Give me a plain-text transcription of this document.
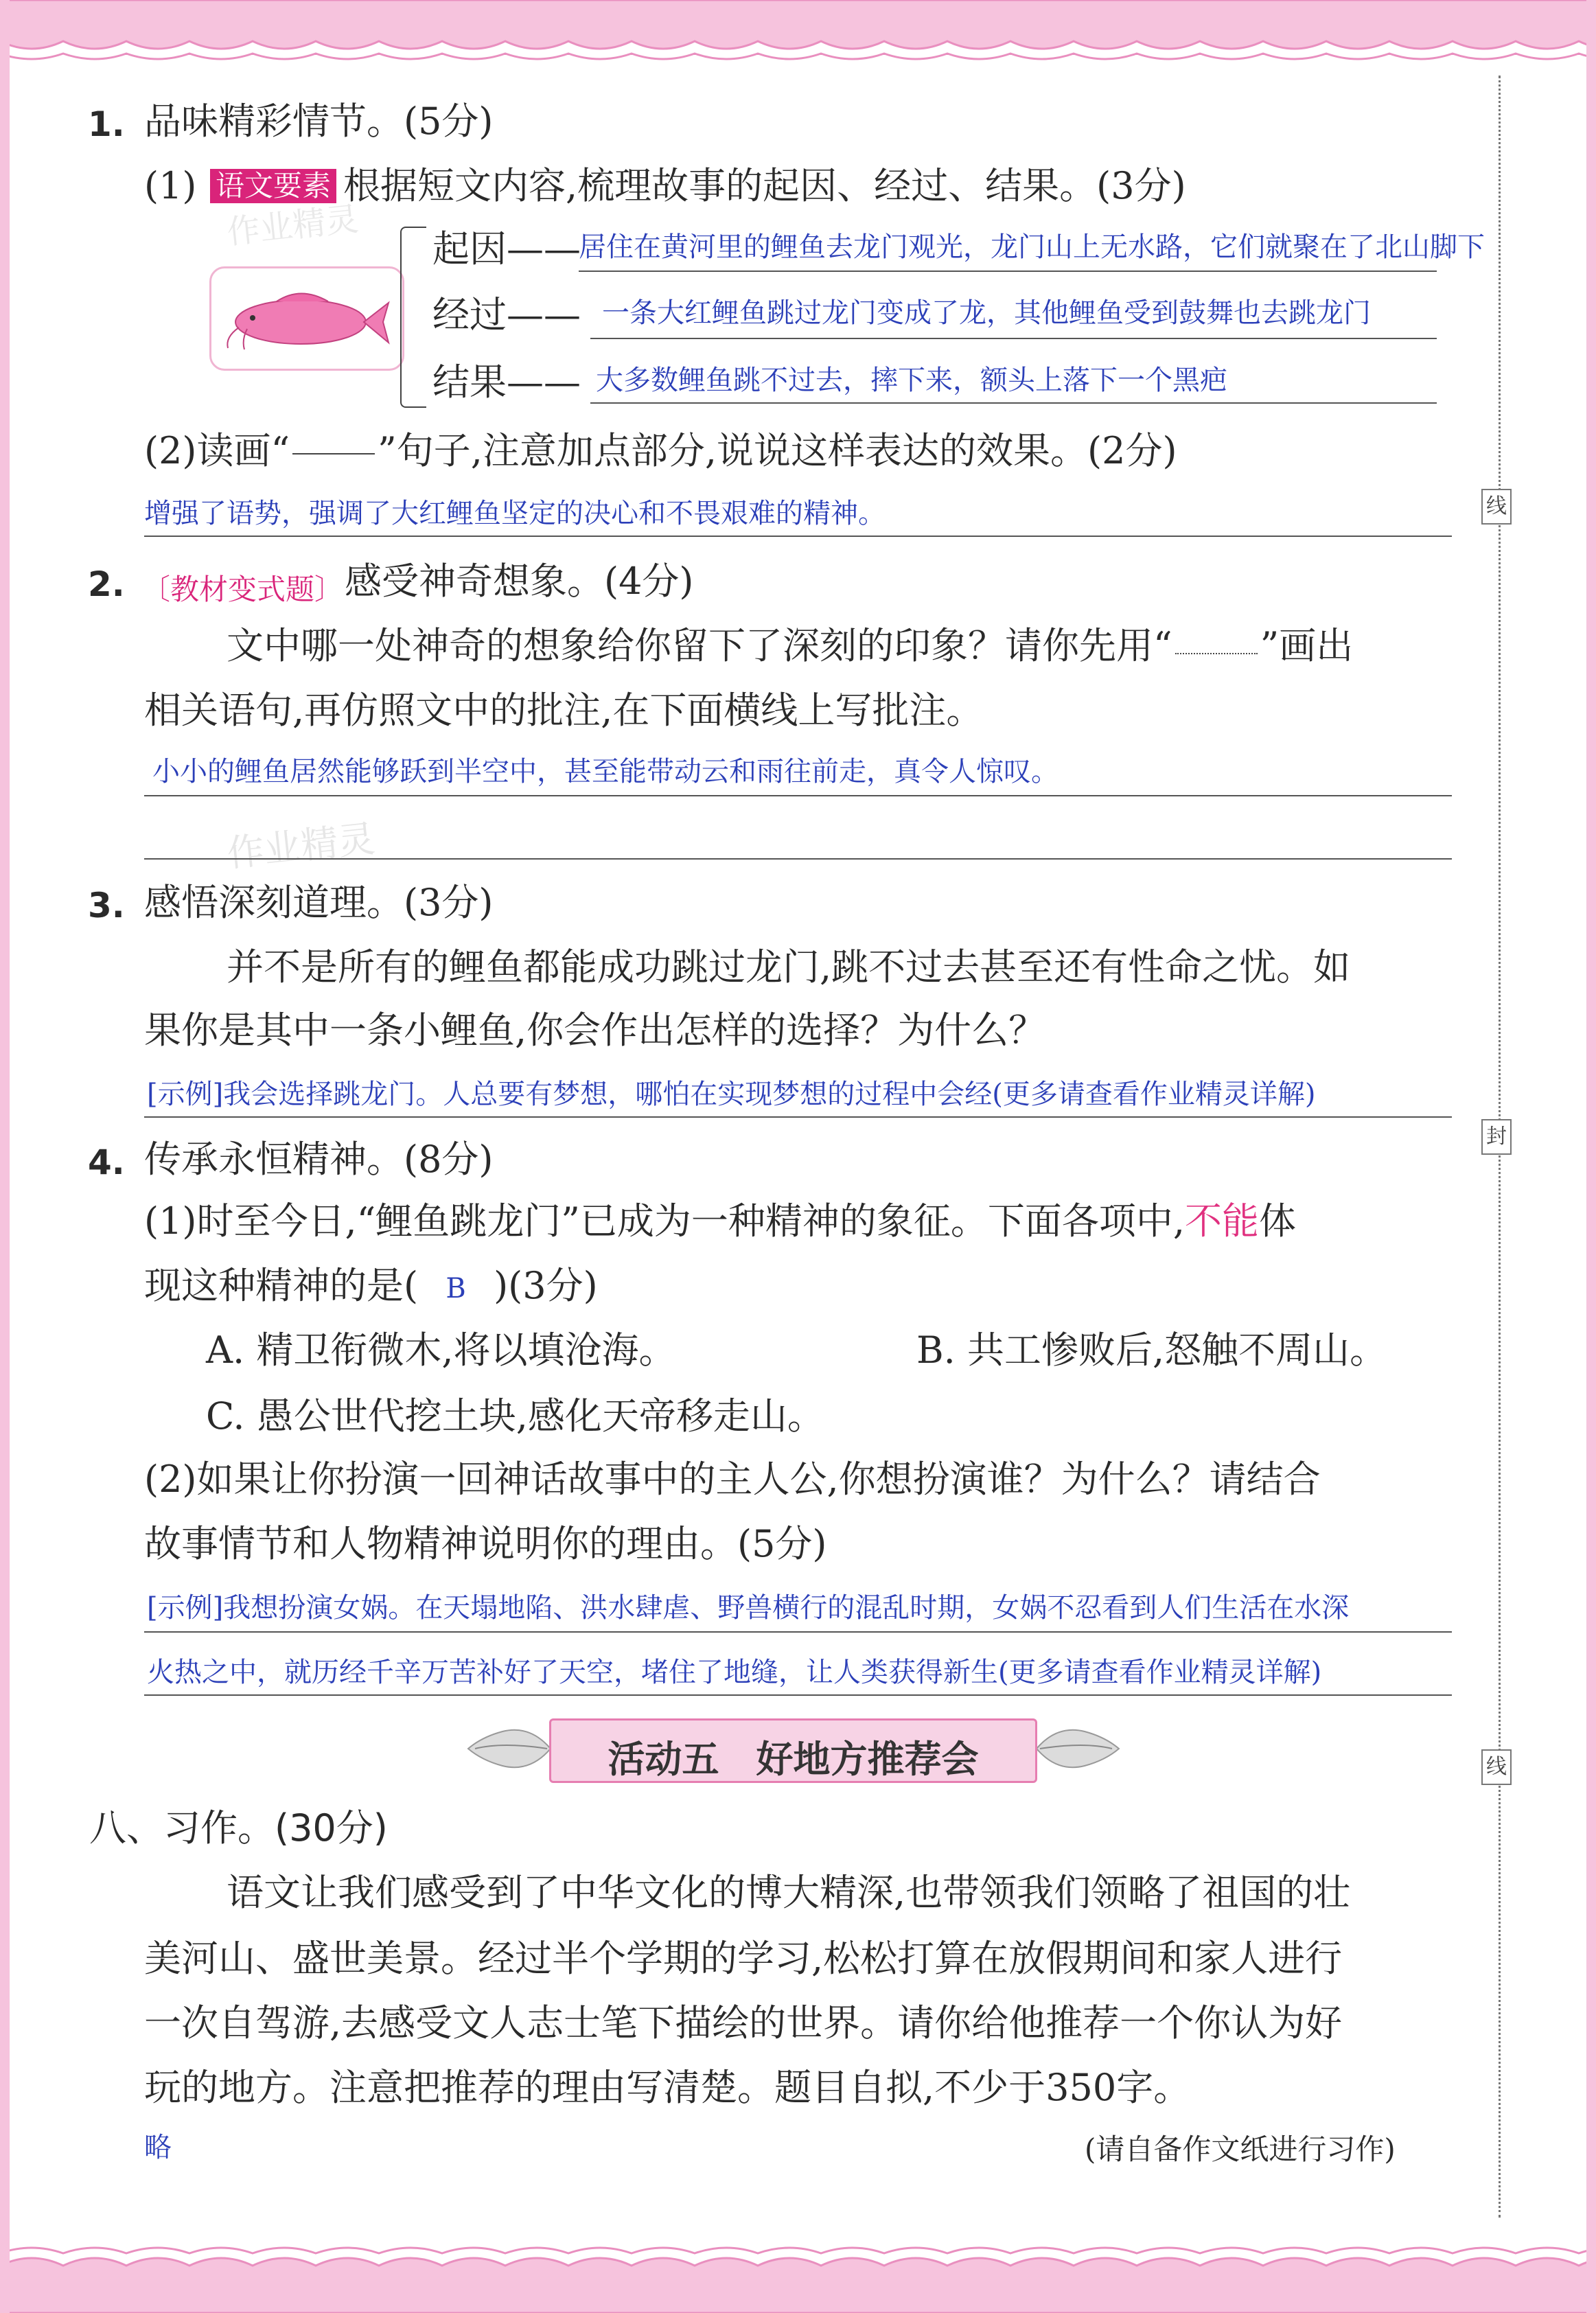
线
封
线
1. 品味精彩情节。(5分)
(1) 语文要素 根据短文内容,梳理故事的起因、经过、结果。(3分)
作业精灵 起因——
居住在黄河里的鲤鱼去龙门观光，龙门山上无水路，它们就聚在了北山脚下
经过—— 一条大红鲤鱼跳过龙门变成了龙，其他鲤鱼受到鼓舞也去跳龙门
结果—— 大多数鲤鱼跳不过去，摔下来，额头上落下一个黑疤
(2)读画“ ”句子,注意加点部分,说说这样表达的效果。(2分)
增强了语势，强调了大红鲤鱼坚定的决心和不畏艰难的精神。
2. 〔教材变式题〕 感受神奇想象。(4分)
文中哪一处神奇的想象给你留下了深刻的印象？请你先用“ ”画出
相关语句,再仿照文中的批注,在下面横线上写批注。
小小的鲤鱼居然能够跃到半空中，甚至能带动云和雨往前走，真令人惊叹。
作业精灵
3. 感悟深刻道理。(3分)
并不是所有的鲤鱼都能成功跳过龙门,跳不过去甚至还有性命之忧。如
果你是其中一条小鲤鱼,你会作出怎样的选择？为什么？
[示例]我会选择跳龙门。人总要有梦想，哪怕在实现梦想的过程中会经(更多请查看作业精灵详解)
4. 传承永恒精神。(8分)
(1)时至今日,“鲤鱼跳龙门”已成为一种精神的象征。下面各项中,不能体
现这种精神的是( B )(3分)
A. 精卫衔微木,将以填沧海。	B. 共工惨败后,怒触不周山。
C. 愚公世代挖土块,感化天帝移走山。
(2)如果让你扮演一回神话故事中的主人公,你想扮演谁？为什么？请结合
故事情节和人物精神说明你的理由。(5分)
[示例]我想扮演女娲。在天塌地陷、洪水肆虐、野兽横行的混乱时期，女娲不忍看到人们生活在水深
火热之中，就历经千辛万苦补好了天空，堵住了地缝，让人类获得新生(更多请查看作业精灵详解)
活动五　好地方推荐会
八、习作。(30分)
语文让我们感受到了中华文化的博大精深,也带领我们领略了祖国的壮
美河山、盛世美景。经过半个学期的学习,松松打算在放假期间和家人进行
一次自驾游,去感受文人志士笔下描绘的世界。请你给他推荐一个你认为好
玩的地方。注意把推荐的理由写清楚。题目自拟,不少于350字。
略	(请自备作文纸进行习作)
